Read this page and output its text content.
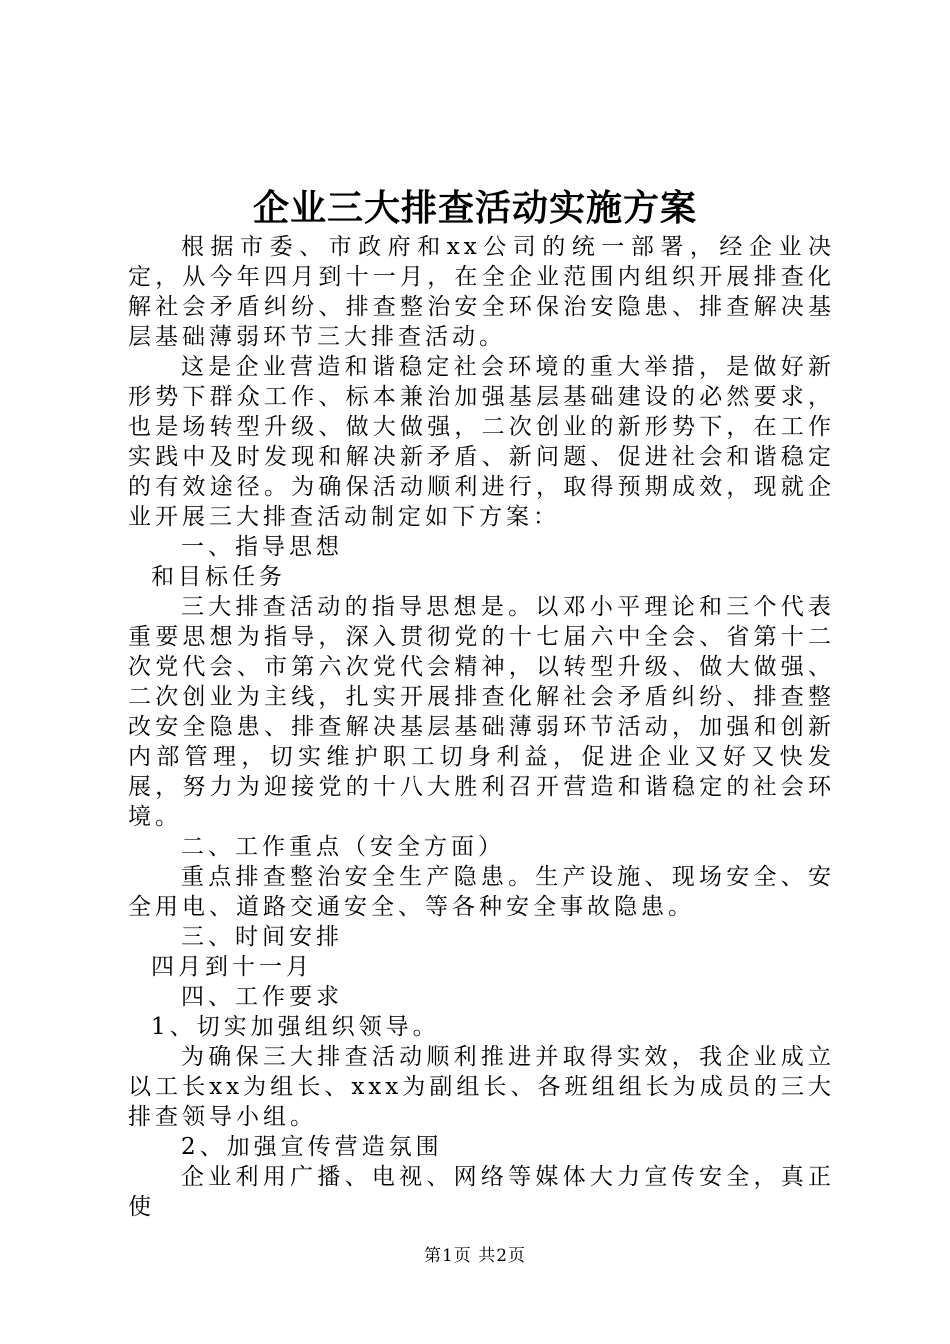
企业三大排查活动实施方案

根据市委、市政府和xx公司的统一部署，经企业决定，从今年四月到十一月，在全企业范围内组织开展排查化解社会矛盾纠纷、排查整治安全环保治安隐患、排查解决基层基础薄弱环节三大排查活动。

这是企业营造和谐稳定社会环境的重大举措，是做好新形势下群众工作、标本兼治加强基层基础建设的必然要求，也是场转型升级、做大做强，二次创业的新形势下，在工作实践中及时发现和解决新矛盾、新问题、促进社会和谐稳定的有效途径。为确保活动顺利进行，取得预期成效，现就企业开展三大排查活动制定如下方案：

一、指导思想

和目标任务

三大排查活动的指导思想是。以邓小平理论和三个代表重要思想为指导，深入贯彻党的十七届六中全会、省第十二次党代会、市第六次党代会精神，以转型升级、做大做强、二次创业为主线，扎实开展排查化解社会矛盾纠纷、排查整改安全隐患、排查解决基层基础薄弱环节活动，加强和创新内部管理，切实维护职工切身利益，促进企业又好又快发展，努力为迎接党的十八大胜利召开营造和谐稳定的社会环境。

二、工作重点（安全方面）

重点排查整治安全生产隐患。生产设施、现场安全、安全用电、道路交通安全、等各种安全事故隐患。

三、时间安排

四月到十一月

四、工作要求

1、切实加强组织领导。

为确保三大排查活动顺利推进并取得实效，我企业成立以工长xx为组长、xxx为副组长、各班组组长为成员的三大排查领导小组。

2、加强宣传营造氛围

企业利用广播、电视、网络等媒体大力宣传安全，真正使

第1页 共2页
